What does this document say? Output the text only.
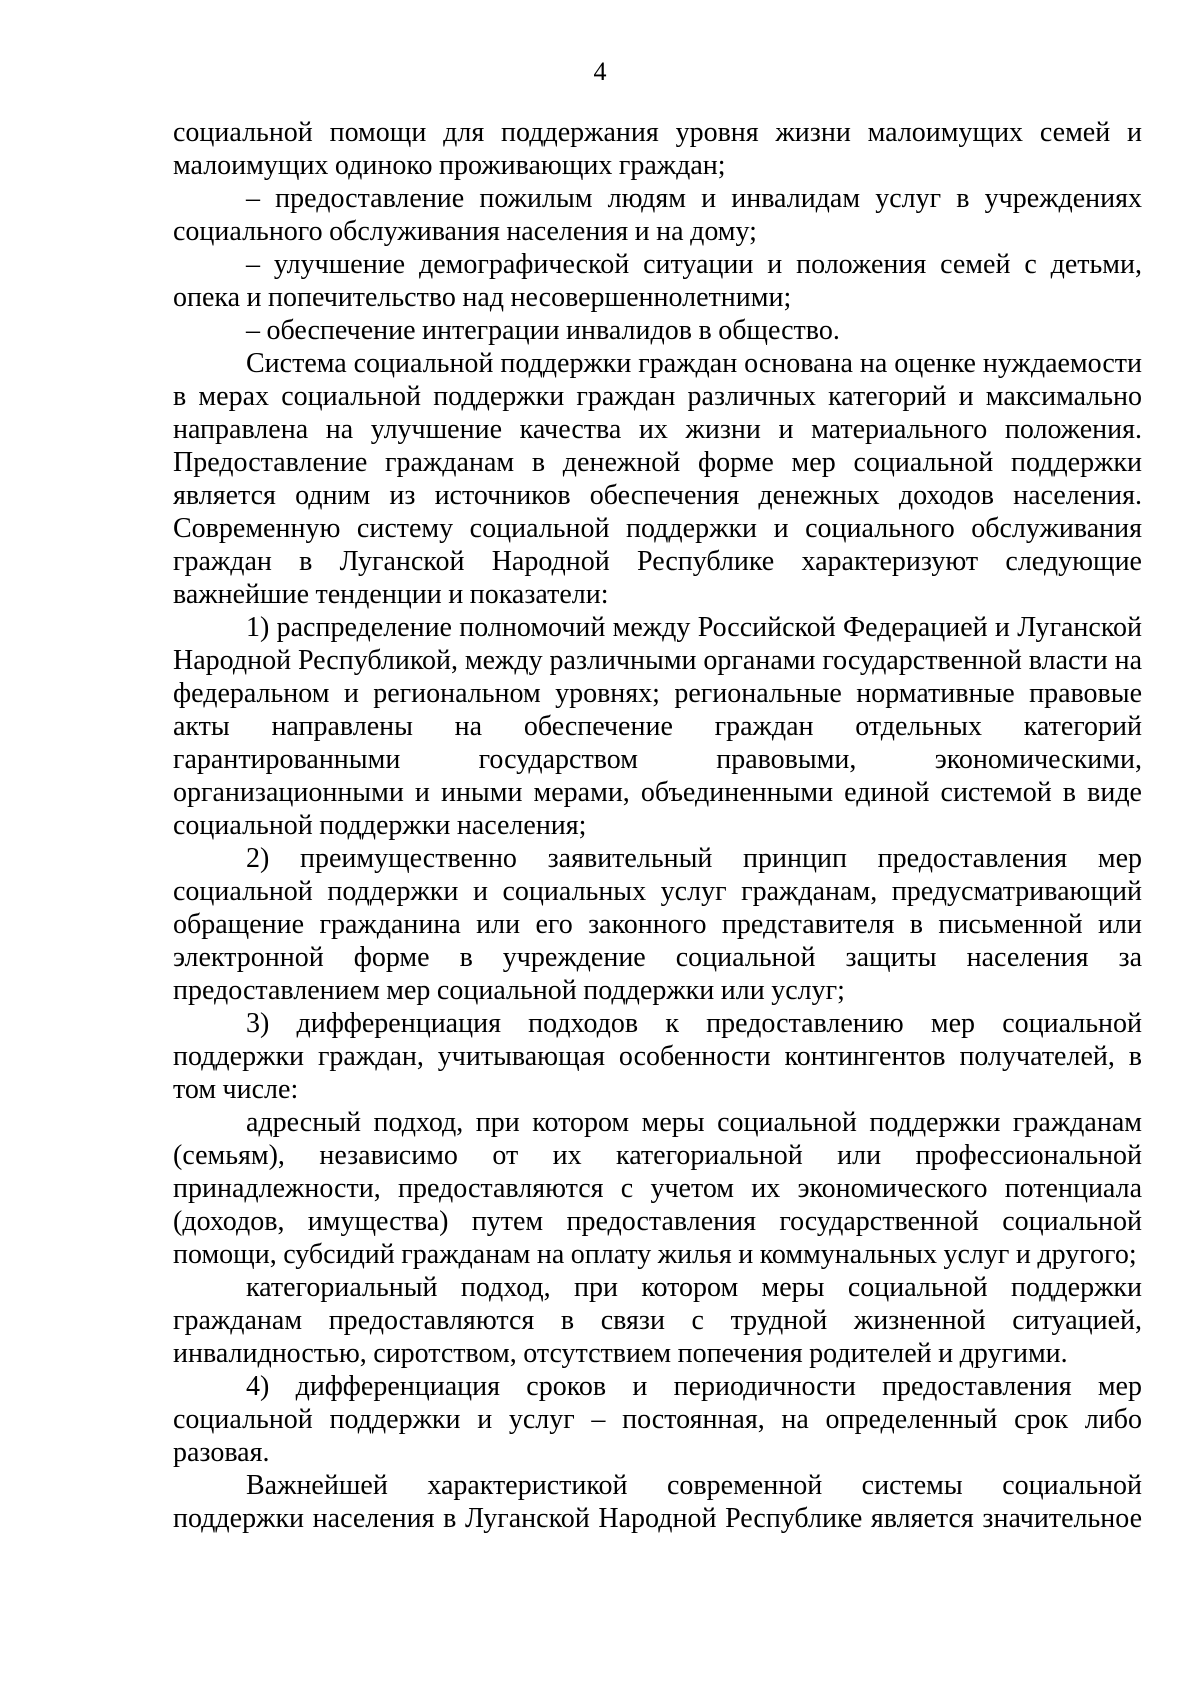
4

социальной помощи для поддержания уровня жизни малоимущих семей и малоимущих одиноко проживающих граждан;

– предоставление пожилым людям и инвалидам услуг в учреждениях социального обслуживания населения и на дому;

– улучшение демографической ситуации и положения семей с детьми, опека и попечительство над несовершеннолетними;

– обеспечение интеграции инвалидов в общество.

Система социальной поддержки граждан основана на оценке нуждаемости в мерах социальной поддержки граждан различных категорий и максимально направлена на улучшение качества их жизни и материального положения. Предоставление гражданам в денежной форме мер социальной поддержки является одним из источников обеспечения денежных доходов населения. Современную систему социальной поддержки и социального обслуживания граждан в Луганской Народной Республике характеризуют следующие важнейшие тенденции и показатели:

1) распределение полномочий между Российской Федерацией и Луганской Народной Республикой, между различными органами государственной власти на федеральном и региональном уровнях; региональные нормативные правовые акты направлены на обеспечение граждан отдельных категорий гарантированными государством правовыми, экономическими, организационными и иными мерами, объединенными единой системой в виде социальной поддержки населения;

2) преимущественно заявительный принцип предоставления мер социальной поддержки и социальных услуг гражданам, предусматривающий обращение гражданина или его законного представителя в письменной или электронной форме в учреждение социальной защиты населения за предоставлением мер социальной поддержки или услуг;

3) дифференциация подходов к предоставлению мер социальной поддержки граждан, учитывающая особенности контингентов получателей, в том числе:

адресный подход, при котором меры социальной поддержки гражданам (семьям), независимо от их категориальной или профессиональной принадлежности, предоставляются с учетом их экономического потенциала (доходов, имущества) путем предоставления государственной социальной помощи, субсидий гражданам на оплату жилья и коммунальных услуг и другого;

категориальный подход, при котором меры социальной поддержки гражданам предоставляются в связи с трудной жизненной ситуацией, инвалидностью, сиротством, отсутствием попечения родителей и другими.

4) дифференциация сроков и периодичности предоставления мер социальной поддержки и услуг – постоянная, на определенный срок либо разовая.

Важнейшей характеристикой современной системы социальной поддержки населения в Луганской Народной Республике является значительное
